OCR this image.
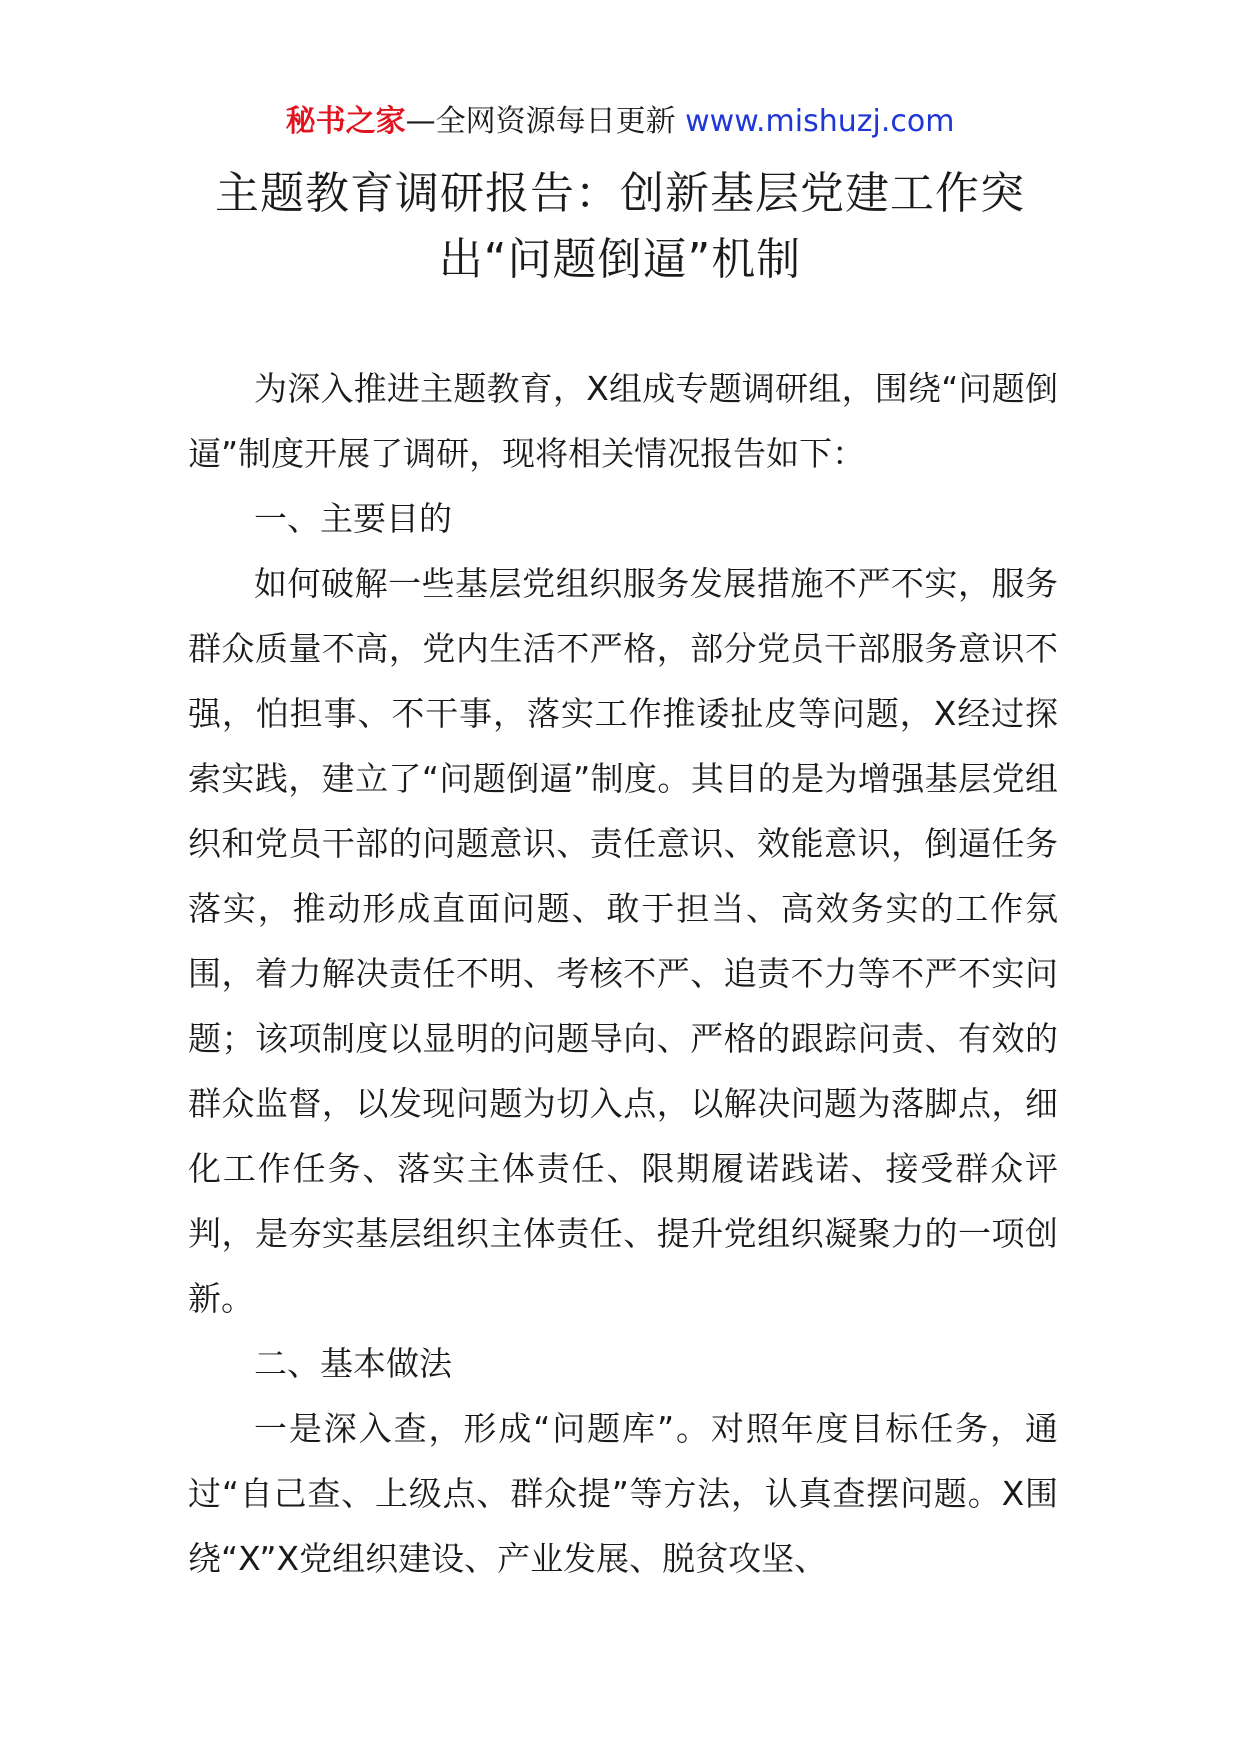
秘书之家—全网资源每日更新 www.mishuzj.com
主题教育调研报告：创新基层党建工作突
出“问题倒逼”机制

为深入推进主题教育，X组成专题调研组，围绕“问题倒逼”制度开展了调研，现将相关情况报告如下：

一、主要目的

如何破解一些基层党组织服务发展措施不严不实，服务群众质量不高，党内生活不严格，部分党员干部服务意识不强，怕担事、不干事，落实工作推诿扯皮等问题，X经过探索实践，建立了“问题倒逼”制度。其目的是为增强基层党组织和党员干部的问题意识、责任意识、效能意识，倒逼任务落实，推动形成直面问题、敢于担当、高效务实的工作氛围，着力解决责任不明、考核不严、追责不力等不严不实问题；该项制度以显明的问题导向、严格的跟踪问责、有效的群众监督，以发现问题为切入点，以解决问题为落脚点，细化工作任务、落实主体责任、限期履诺践诺、接受群众评判，是夯实基层组织主体责任、提升党组织凝聚力的一项创新。

二、基本做法

一是深入查，形成“问题库”。对照年度目标任务，通过“自己查、上级点、群众提”等方法，认真查摆问题。X围绕“X”X党组织建设、产业发展、脱贫攻坚、
